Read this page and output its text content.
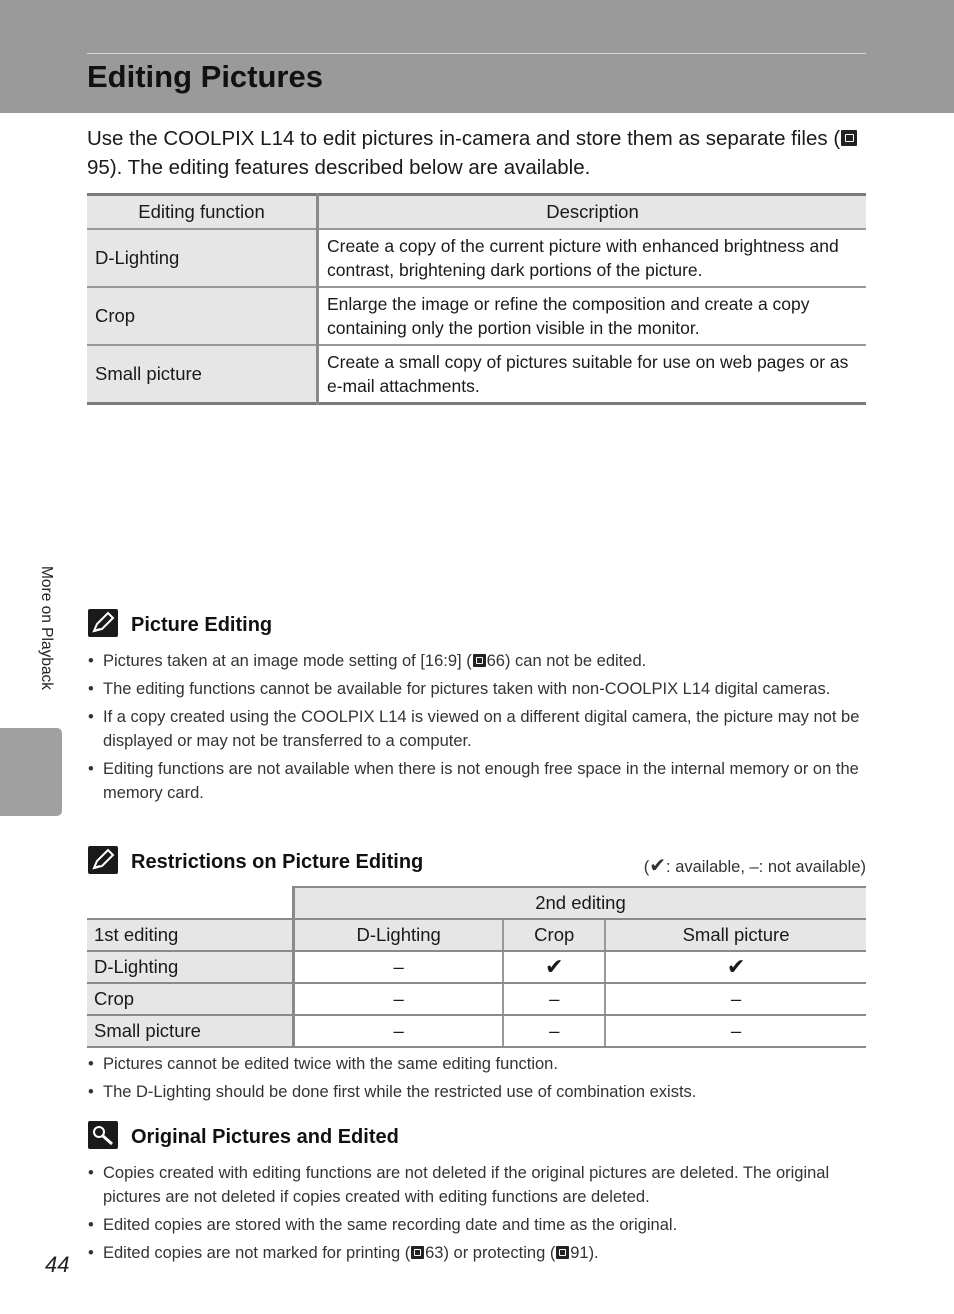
Editing Pictures

Use the COOLPIX L14 to edit pictures in-camera and store them as separate files (95). The editing features described below are available.

Editing function	Description
D-Lighting	Create a copy of the current picture with enhanced brightness and contrast, brightening dark portions of the picture.
Crop	Enlarge the image or refine the composition and create a copy containing only the portion visible in the monitor.
Small picture	Create a small copy of pictures suitable for use on web pages or as e-mail attachments.
More on Playback	Picture Editing
• Pictures taken at an image mode setting of [16:9] ( 66) can not be edited.
• The editing functions cannot be available for pictures taken with non-COOLPIX L14 digital cameras.
• If a copy created using the COOLPIX L14 is viewed on a different digital camera, the picture may not be displayed or may not be transferred to a computer.
• Editing functions are not available when there is not enough free space in the internal memory or on the memory card.
Restrictions on Picture Editing	(✔: available, –: not available)
	2nd editing		
1st editing	D-Lighting	Crop	Small picture
D-Lighting	–	✔	✔
Crop	–	–	–
Small picture	–	–	–
• Pictures cannot be edited twice with the same editing function.
• The D-Lighting should be done first while the restricted use of combination exists.
Original Pictures and Edited
• Copies created with editing functions are not deleted if the original pictures are deleted. The original pictures are not deleted if copies created with editing functions are deleted.
• Edited copies are stored with the same recording date and time as the original.
• Edited copies are not marked for printing ( 63) or protecting ( 91).
44
